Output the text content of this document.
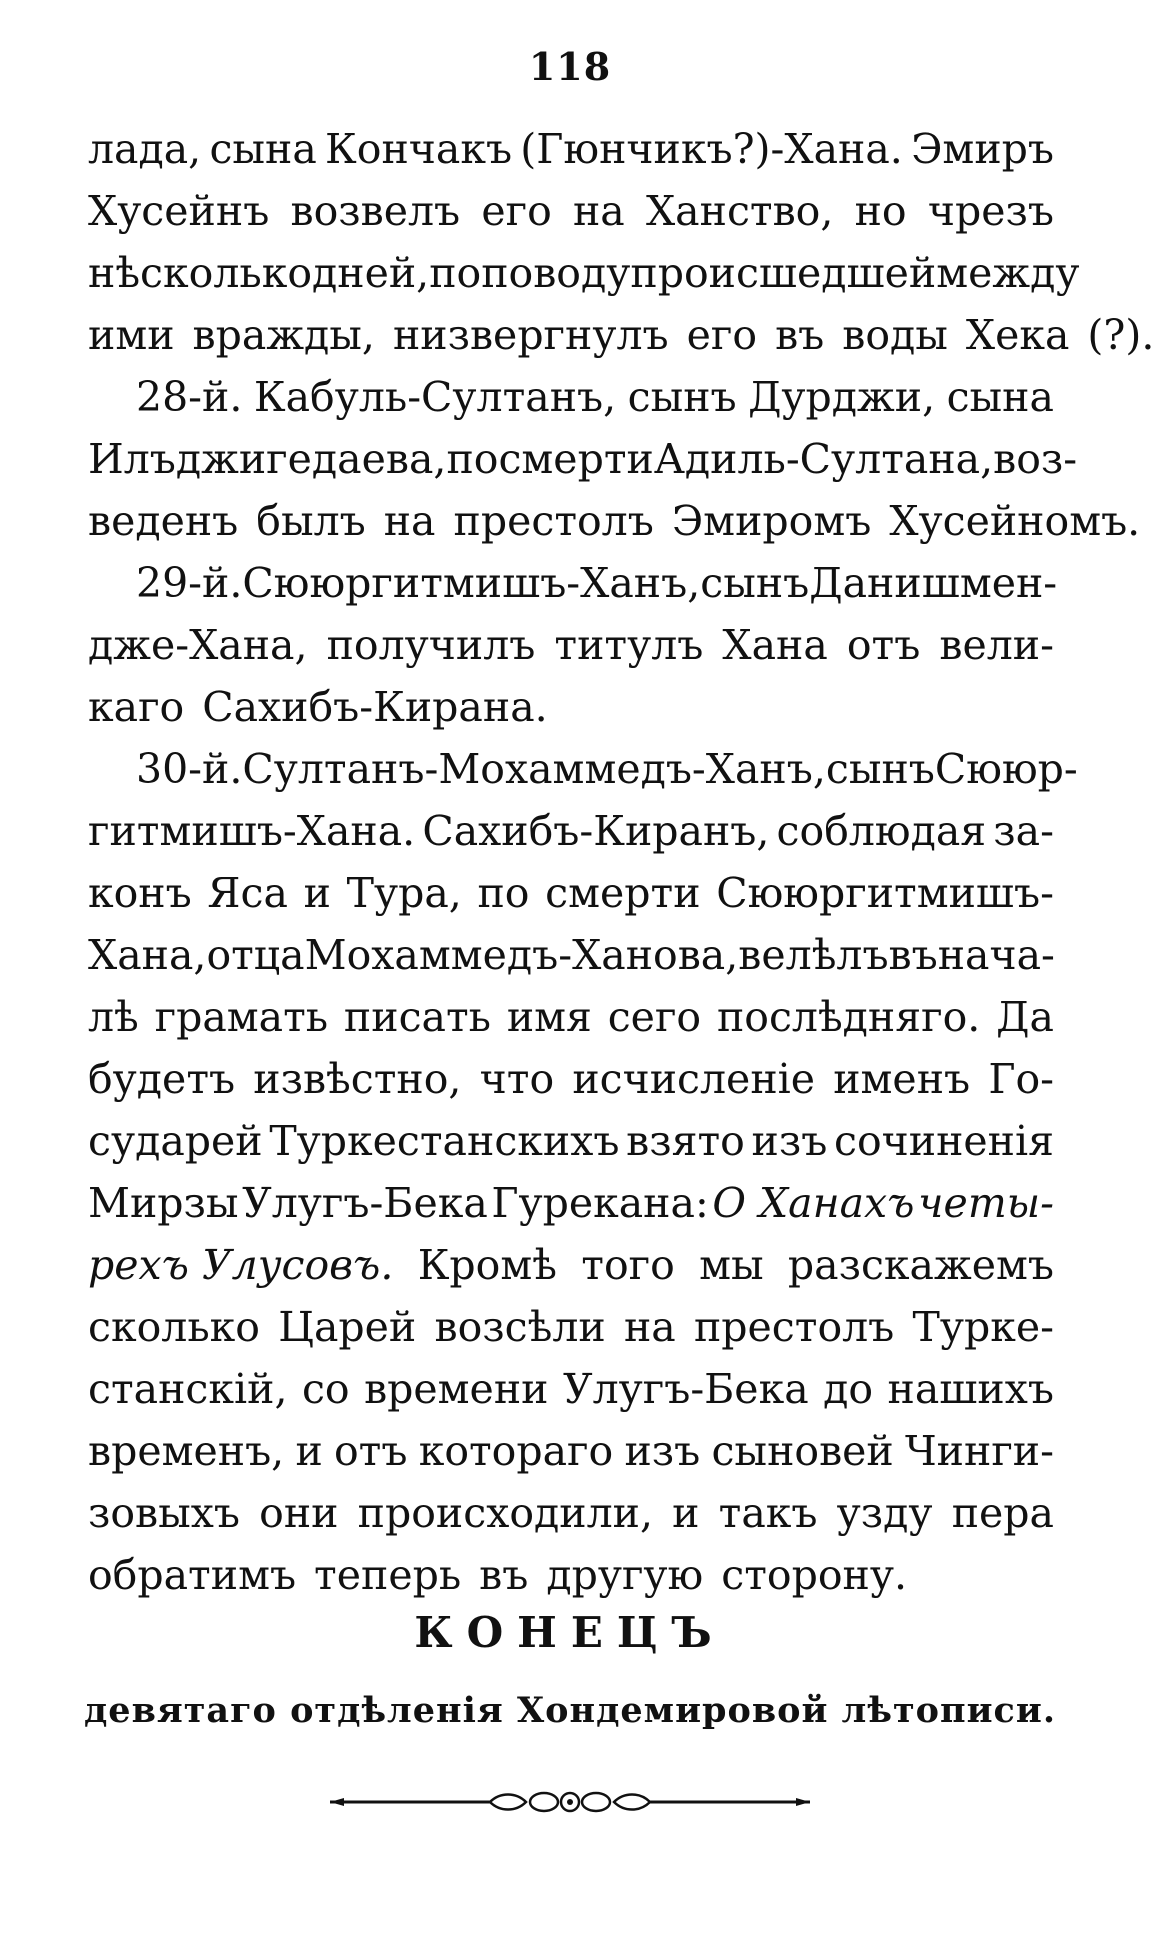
118
лада, сына Кончакъ (Гюнчикъ?)-Хана. Эмиръ
Хусейнъ возвелъ его на Ханство, но чрезъ
нѣсколько дней, по поводу происшедшей между
ими вражды, низвергнулъ его въ воды Хека (?).
28-й. Кабуль-Султанъ, сынъ Дурджи, сына
Илъджигедаева, по смерти Адиль-Султана, воз-
веденъ былъ на престолъ Эмиромъ Хусейномъ.
29-й. Сююргитмишъ-Ханъ, сынъ Данишмен-
дже-Хана, получилъ титулъ Хана отъ вели-
каго Сахибъ-Кирана.
30-й. Султанъ-Мохаммедъ-Ханъ, сынъ Сююр-
гитмишъ-Хана. Сахибъ-Киранъ, соблюдая за-
конъ Яса и Тура, по смерти Сююргитмишъ-
Хана, отца Мохаммедъ-Ханова, велѣлъ въ нача-
лѣ грамать писать имя сего послѣдняго. Да
будетъ извѣстно, что исчисленіе именъ Го-
сударей Туркестанскихъ взято изъ сочиненія
Мирзы Улугъ-Бека Гурекана: О Ханахъ четы-
рехъ Улусовъ. Кромѣ того мы разскажемъ
сколько Царей возсѣли на престолъ Турке-
станскій, со времени Улугъ-Бека до нашихъ
временъ, и отъ котораго изъ сыновей Чинги-
зовыхъ они происходили, и такъ узду пера
обратимъ теперь въ другую сторону.
КОНЕЦЪ
девятаго отдѣленія Хондемировой лѣтописи.
